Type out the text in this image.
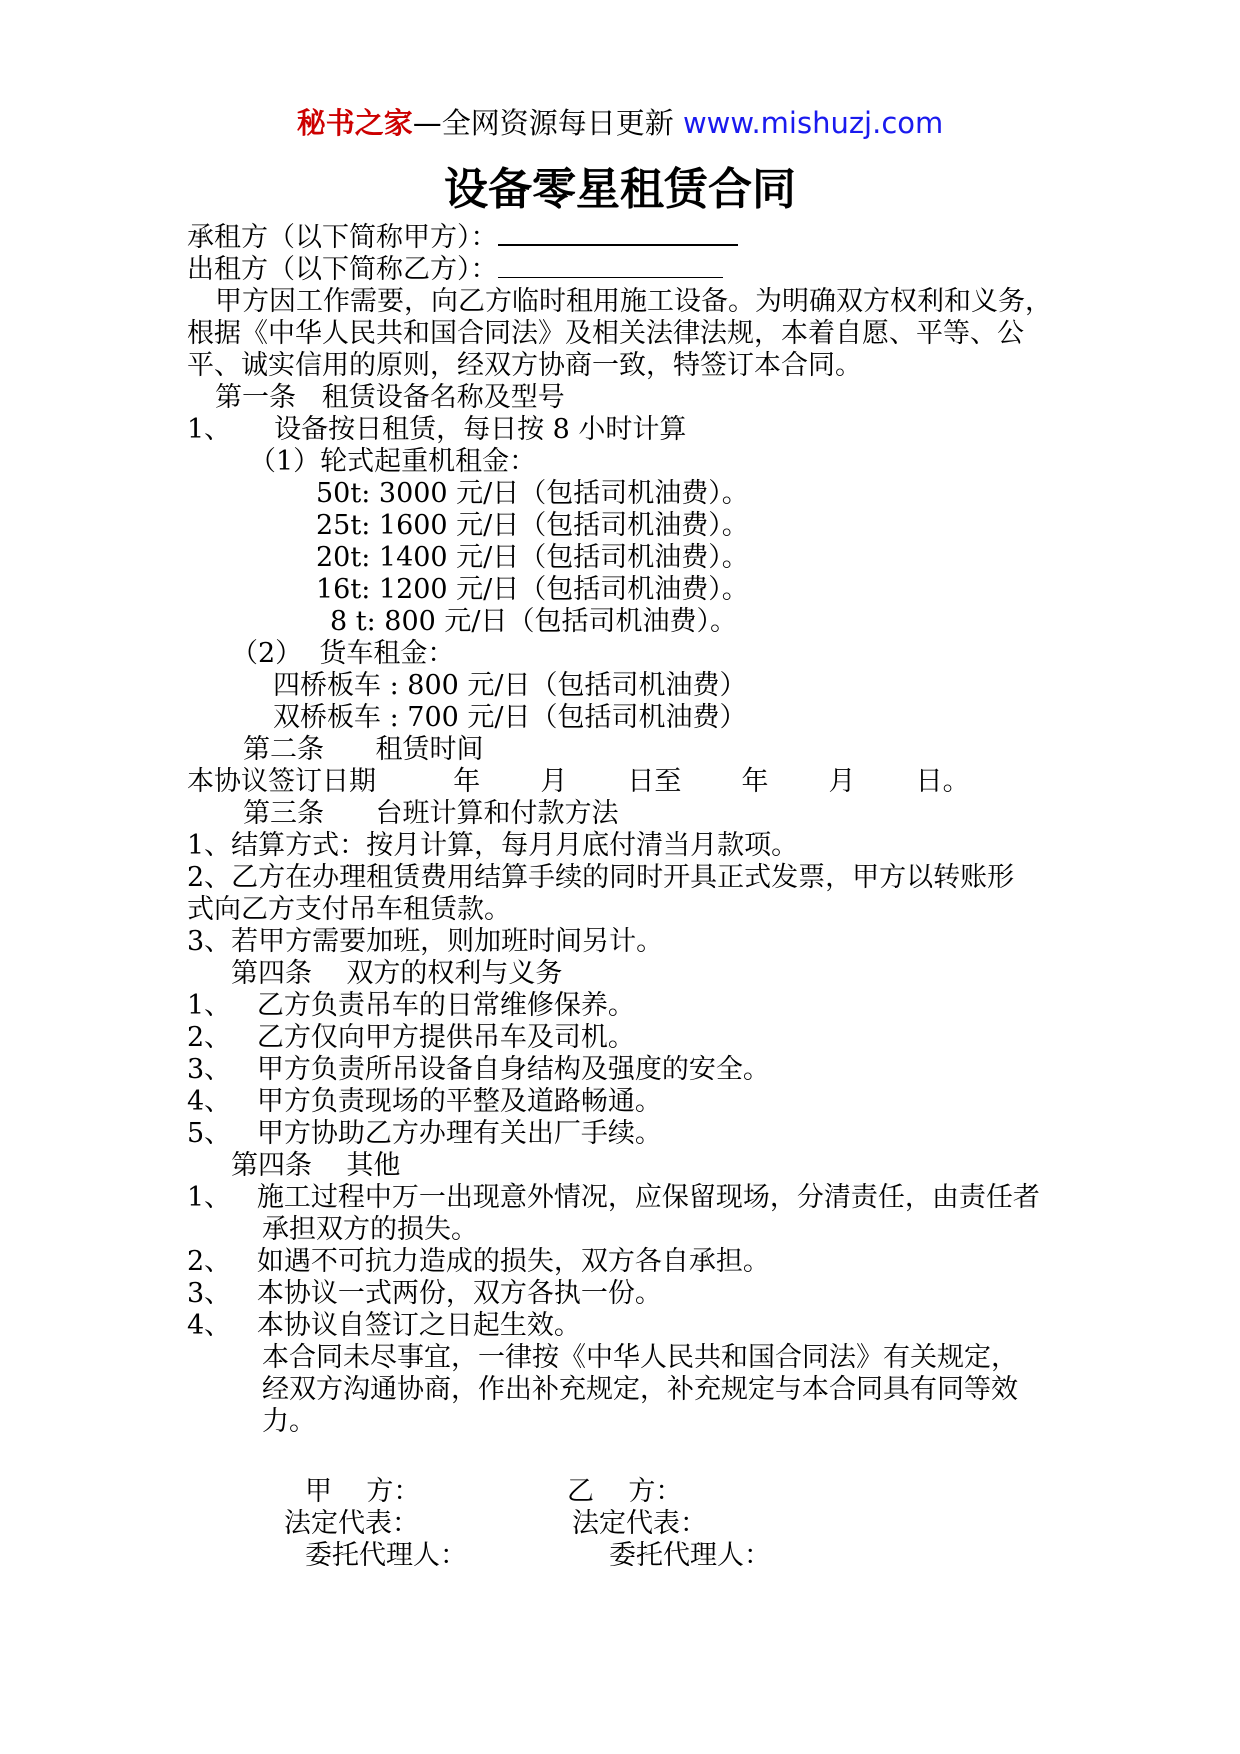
秘书之家—全网资源每日更新 www.mishuzj.com
设备零星租赁合同
承租方（以下简称甲方）：
出租方（以下简称乙方）：
甲方因工作需要，向乙方临时租用施工设备。为明确双方权利和义务，
根据《中华人民共和国合同法》及相关法律法规，本着自愿、平等、公
平、诚实信用的原则，经双方协商一致，特签订本合同。
第一条   租赁设备名称及型号
1、     设备按日租赁，每日按 8 小时计算
（1）轮式起重机租金：
50t: 3000 元/日（包括司机油费）。
25t: 1600 元/日（包括司机油费）。
20t: 1400 元/日（包括司机油费）。
16t: 1200 元/日（包括司机油费）。
8 t: 800 元/日（包括司机油费）。
（2）  货车租金：
四桥板车 : 800 元/日（包括司机油费）
双桥板车 : 700 元/日（包括司机油费）
第二条      租赁时间
本协议签订日期         年       月       日至       年       月       日。
第三条      台班计算和付款方法
1、结算方式：按月计算，每月月底付清当月款项。
2、乙方在办理租赁费用结算手续的同时开具正式发票，甲方以转账形
式向乙方支付吊车租赁款。
3、若甲方需要加班，则加班时间另计。
第四条    双方的权利与义务
1、   乙方负责吊车的日常维修保养。
2、   乙方仅向甲方提供吊车及司机。
3、   甲方负责所吊设备自身结构及强度的安全。
4、   甲方负责现场的平整及道路畅通。
5、   甲方协助乙方办理有关出厂手续。
第四条    其他
1、   施工过程中万一出现意外情况，应保留现场，分清责任，由责任者
承担双方的损失。
2、   如遇不可抗力造成的损失，双方各自承担。
3、   本协议一式两份，双方各执一份。
4、   本协议自签订之日起生效。
本合同未尽事宜，一律按《中华人民共和国合同法》有关规定，
经双方沟通协商，作出补充规定，补充规定与本合同具有同等效
力。
甲    方：	乙    方：
法定代表：	法定代表：
委托代理人：	委托代理人：
